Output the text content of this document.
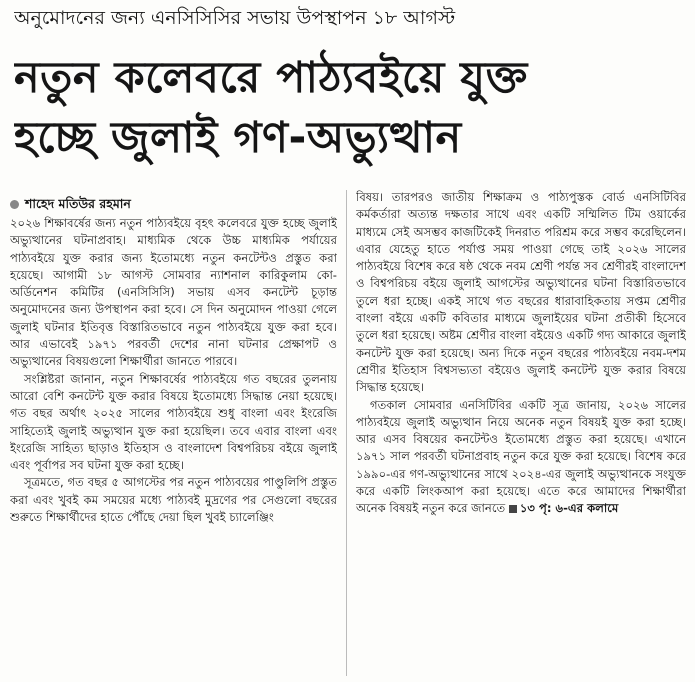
অনুমোদনের জন্য এনসিসিসির সভায় উপস্থাপন ১৮ আগস্ট
নতুন কলেবরে পাঠ্যবইয়ে যুক্ত
হচ্ছে জুলাই গণ-অভ্যুত্থান
শাহেদ মতিউর রহমান

২০২৬ শিক্ষাবর্ষের জন্য নতুন পাঠ্যবইয়ে বৃহৎ কলেবরে যুক্ত হচ্ছে জুলাই অভ্যুত্থানের ঘটনাপ্রবাহ। মাধ্যমিক থেকে উচ্চ মাধ্যমিক পর্যায়ের পাঠ্যবইয়ে যুক্ত করার জন্য ইতোমধ্যে নতুন কনটেন্টও প্রস্তুত করা হয়েছে। আগামী ১৮ আগস্ট সোমবার ন্যাশনাল কারিকুলাম কো-অর্ডিনেশন কমিটির (এনসিসিসি) সভায় এসব কনটেন্ট চূড়ান্ত অনুমোদনের জন্য উপস্থাপন করা হবে। সে দিন অনুমোদন পাওয়া গেলে জুলাই ঘটনার ইতিবৃত্ত বিস্তারিতভাবে নতুন পাঠ্যবইয়ে যুক্ত করা হবে। আর এভাবেই ১৯৭১ পরবর্তী দেশের নানা ঘটনার প্রেক্ষাপট ও অভ্যুত্থানের বিষয়গুলো শিক্ষার্থীরা জানতে পারবে।

সংশ্লিষ্টরা জানান, নতুন শিক্ষাবর্ষের পাঠ্যবইয়ে গত বছরের তুলনায় আরো বেশি কনটেন্ট যুক্ত করার বিষয়ে ইতোমধ্যে সিদ্ধান্ত নেয়া হয়েছে। গত বছর অর্থাৎ ২০২৫ সালের পাঠ্যবইয়ে শুধু বাংলা এবং ইংরেজি সাহিত্যেই জুলাই অভ্যুত্থান যুক্ত করা হয়েছিল। তবে এবার বাংলা এবং ইংরেজি সাহিত্য ছাড়াও ইতিহাস ও বাংলাদেশ বিশ্বপরিচয় বইয়ে জুলাই এবং পূর্বাপর সব ঘটনা যুক্ত করা হচ্ছে।

সূত্রমতে, গত বছর ৫ আগস্টের পর নতুন পাঠ্যবয়ের পাণ্ডুলিপি প্রস্তুত করা এবং খুবই কম সময়ের মধ্যে পাঠ্যবই মুদ্রণের পর সেগুলো বছরের শুরুতে শিক্ষার্থীদের হাতে পৌঁছে দেয়া ছিল খুবই চ্যালেঞ্জিং

বিষয়। তারপরও জাতীয় শিক্ষাক্রম ও পাঠ্যপুস্তক বোর্ড এনসিটিবির কর্মকর্তারা অত্যন্ত দক্ষতার সাথে এবং একটি সম্মিলিত টিম ওয়ার্কের মাধ্যমে সেই অসম্ভব কাজটিকেই দিনরাত পরিশ্রম করে সম্ভব করেছিলেন। এবার যেহেতু হাতে পর্যাপ্ত সময় পাওয়া গেছে তাই ২০২৬ সালের পাঠ্যবইয়ে বিশেষ করে ষষ্ঠ থেকে নবম শ্রেণী পর্যন্ত সব শ্রেণীরই বাংলাদেশ ও বিশ্বপরিচয় বইয়ে জুলাই আগস্টের অভ্যুত্থানের ঘটনা বিস্তারিতভাবে তুলে ধরা হচ্ছে। একই সাথে গত বছরের ধারাবাহিকতায় সপ্তম শ্রেণীর বাংলা বইয়ে একটি কবিতার মাধ্যমে জুলাইয়ের ঘটনা প্রতীকী হিসেবে তুলে ধরা হয়েছে। অষ্টম শ্রেণীর বাংলা বইয়েও একটি গদ্য আকারে জুলাই কনটেন্ট যুক্ত করা হয়েছে। অন্য দিকে নতুন বছরের পাঠ্যবইয়ে নবম-দশম শ্রেণীর ইতিহাস বিশ্বসভ্যতা বইয়েও জুলাই কনটেন্ট যুক্ত করার বিষয়ে সিদ্ধান্ত হয়েছে।

গতকাল সোমবার এনসিটিবির একটি সূত্র জানায়, ২০২৬ সালের পাঠ্যবইয়ে জুলাই অভ্যুত্থান নিয়ে অনেক নতুন বিষয়ই যুক্ত করা হচ্ছে। আর এসব বিষয়ের কনটেন্টও ইতোমধ্যে প্রস্তুত করা হয়েছে। এখানে ১৯৭১ সাল পরবর্তী ঘটনাপ্রবাহ নতুন করে যুক্ত করা হয়েছে। বিশেষ করে ১৯৯০-এর গণ-অভ্যুত্থানের সাথে ২০২৪-এর জুলাই অভ্যুত্থানকে সংযুক্ত করে একটি লিংকআপ করা হয়েছে। এতে করে আমাদের শিক্ষার্থীরা অনেক বিষয়ই নতুন করে জানতে ১৩ পৃ: ৬-এর কলামে
